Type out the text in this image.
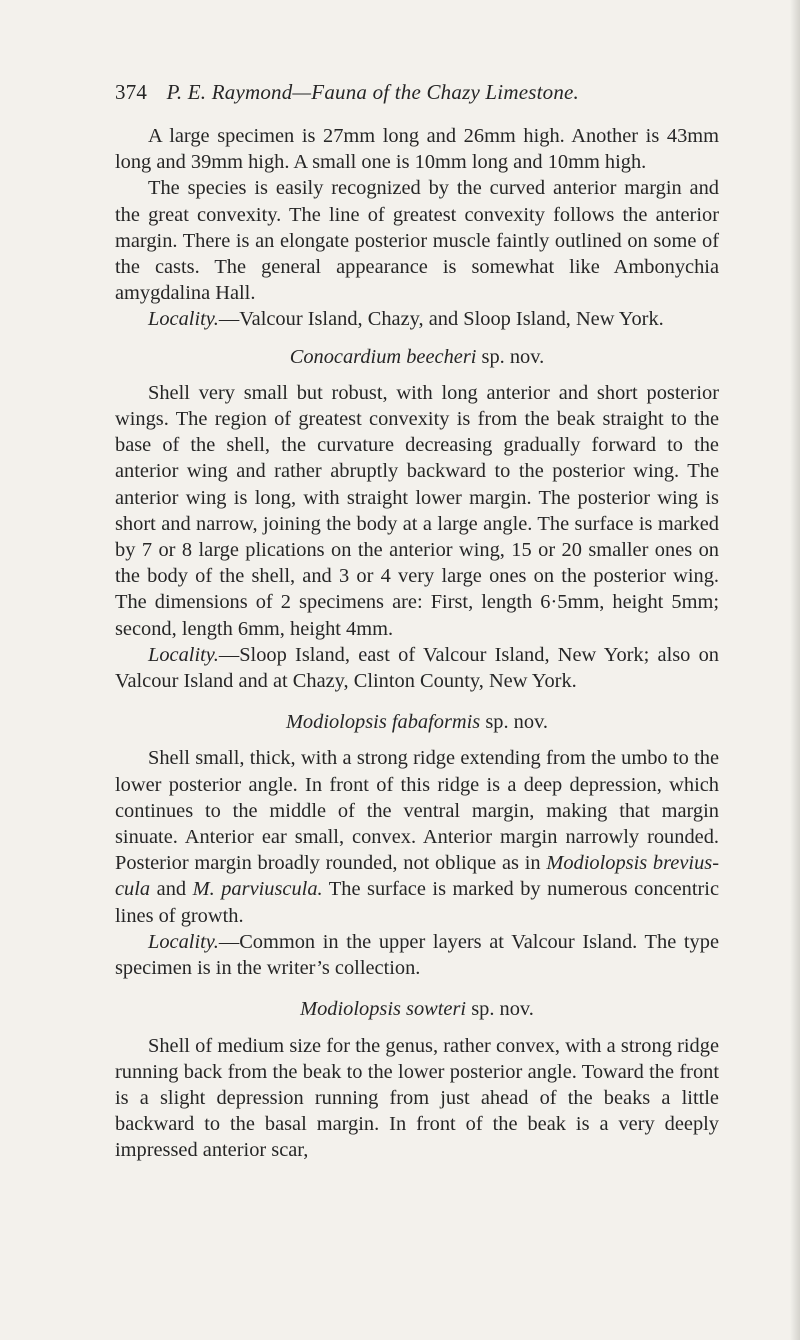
374 P. E. Raymond—Fauna of the Chazy Limestone.

A large specimen is 27mm long and 26mm high. Another is 43mm long and 39mm high. A small one is 10mm long and 10mm high.

The species is easily recognized by the curved anterior margin and the great convexity. The line of greatest convexity follows the anterior margin. There is an elongate posterior muscle faintly outlined on some of the casts. The general appearance is somewhat like Ambonychia amygdalina Hall.

Locality.—Valcour Island, Chazy, and Sloop Island, New York.

Conocardium beecheri sp. nov.

Shell very small but robust, with long anterior and short posterior wings. The region of greatest convexity is from the beak straight to the base of the shell, the curvature decreasing gradually forward to the anterior wing and rather abruptly backward to the posterior wing. The anterior wing is long, with straight lower margin. The posterior wing is short and narrow, joining the body at a large angle. The surface is marked by 7 or 8 large plications on the anterior wing, 15 or 20 smaller ones on the body of the shell, and 3 or 4 very large ones on the posterior wing. The dimensions of 2 specimens are: First, length 6·5mm, height 5mm; second, length 6mm, height 4mm.

Locality.—Sloop Island, east of Valcour Island, New York; also on Valcour Island and at Chazy, Clinton County, New York.

Modiolopsis fabaformis sp. nov.

Shell small, thick, with a strong ridge extending from the umbo to the lower posterior angle. In front of this ridge is a deep depression, which continues to the middle of the ventral margin, making that margin sinuate. Anterior ear small, convex. Anterior margin narrowly rounded. Posterior margin broadly rounded, not oblique as in Modiolopsis brevius-cula and M. parviuscula. The surface is marked by numerous concentric lines of growth.

Locality.—Common in the upper layers at Valcour Island. The type specimen is in the writer’s collection.

Modiolopsis sowteri sp. nov.

Shell of medium size for the genus, rather convex, with a strong ridge running back from the beak to the lower posterior angle. Toward the front is a slight depression running from just ahead of the beaks a little backward to the basal margin. In front of the beak is a very deeply impressed anterior scar,
